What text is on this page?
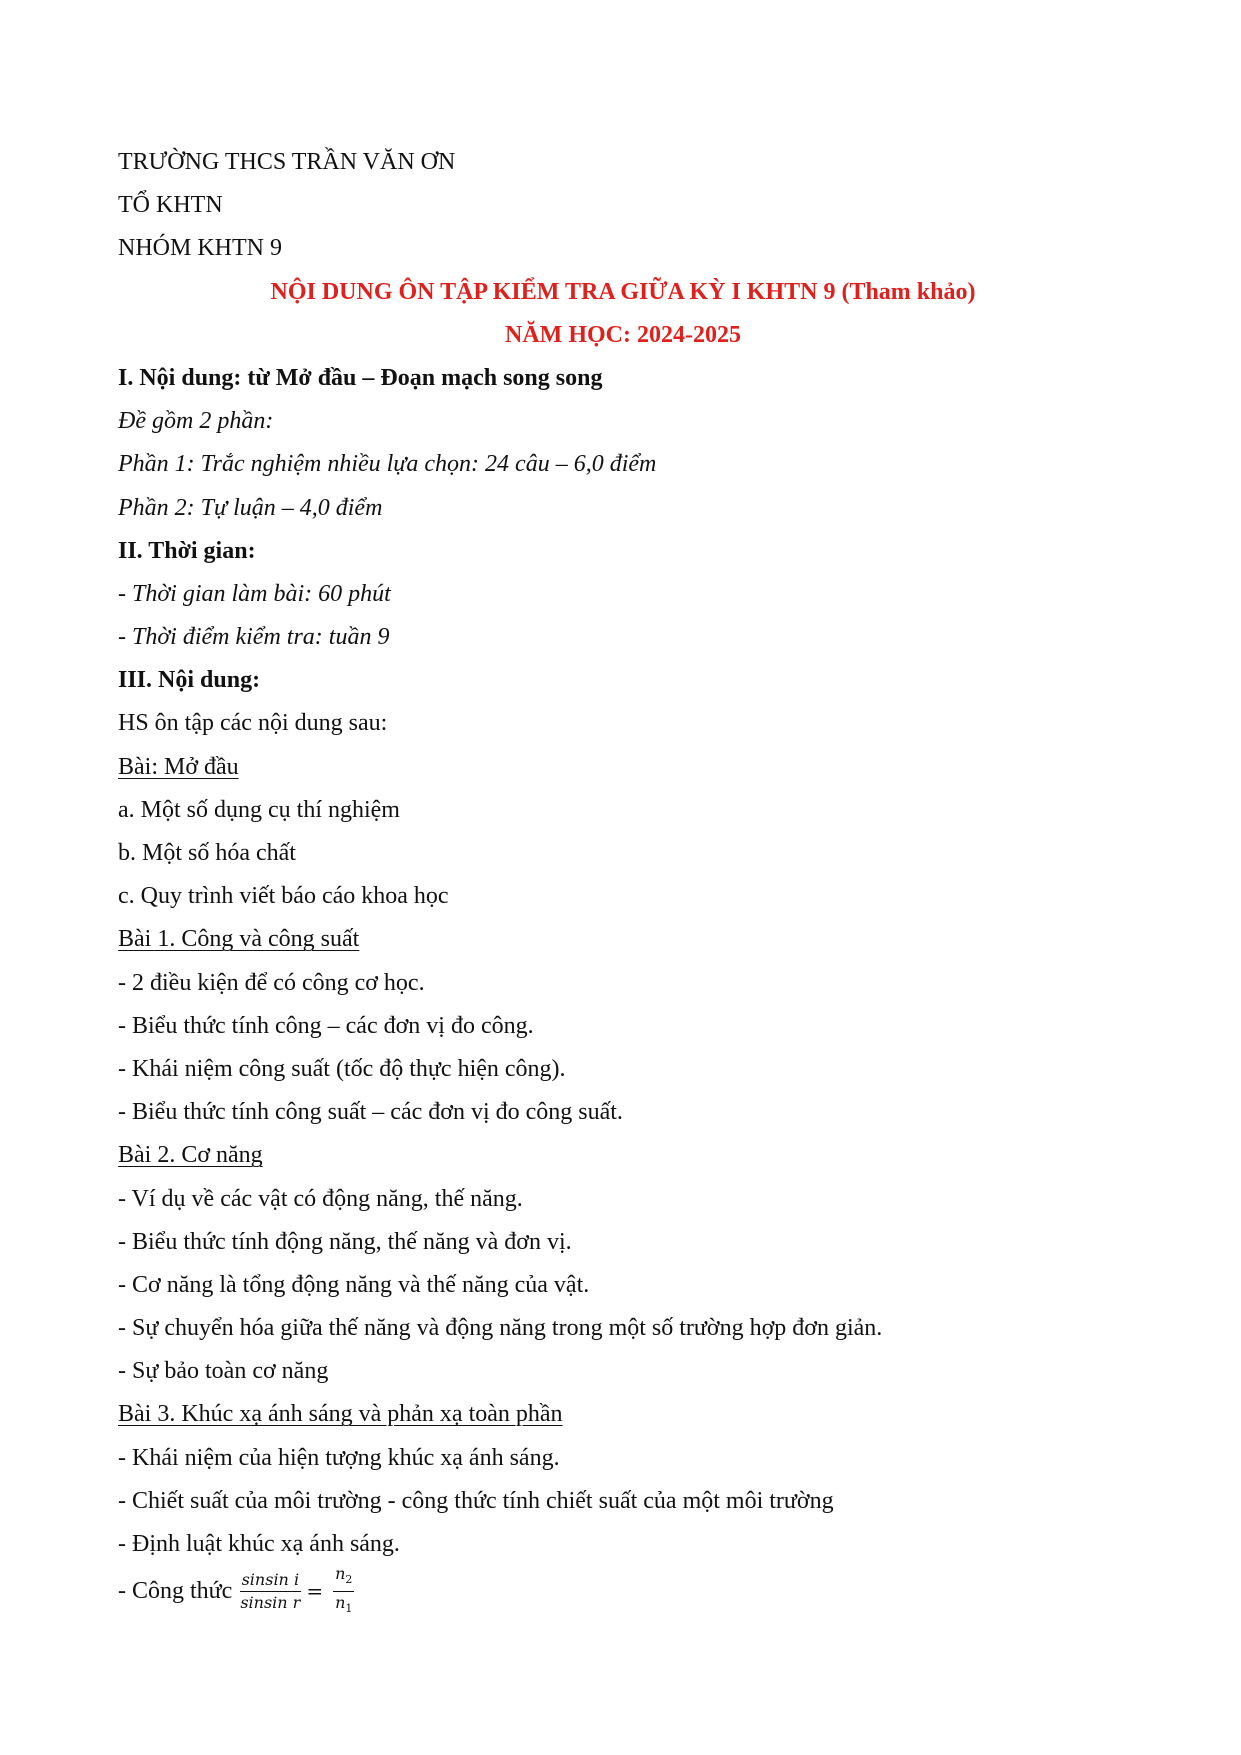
TRƯỜNG THCS TRẦN VĂN ƠN
TỔ KHTN
NHÓM KHTN 9
NỘI DUNG ÔN TẬP KIỂM TRA GIỮA KỲ I KHTN 9 (Tham khảo)
NĂM HỌC: 2024-2025
I. Nội dung: từ Mở đầu – Đoạn mạch song song
Đề gồm 2 phần:
Phần 1: Trắc nghiệm nhiều lựa chọn: 24 câu – 6,0 điểm
Phần 2: Tự luận – 4,0 điểm
II. Thời gian:
- Thời gian làm bài: 60 phút
- Thời điểm kiểm tra: tuần 9
III. Nội dung:
HS ôn tập các nội dung sau:
Bài: Mở đầu
a. Một số dụng cụ thí nghiệm
b. Một số hóa chất
c. Quy trình viết báo cáo khoa học
Bài 1. Công và công suất
- 2 điều kiện để có công cơ học.
- Biểu thức tính công – các đơn vị đo công.
- Khái niệm công suất (tốc độ thực hiện công).
- Biểu thức tính công suất – các đơn vị đo công suất.
Bài 2. Cơ năng
- Ví dụ về các vật có động năng, thế năng.
- Biểu thức tính động năng, thế năng và đơn vị.
- Cơ năng là tổng động năng và thế năng của vật.
- Sự chuyển hóa giữa thế năng và động năng trong một số trường hợp đơn giản.
- Sự bảo toàn cơ năng
Bài 3. Khúc xạ ánh sáng và phản xạ toàn phần
- Khái niệm của hiện tượng khúc xạ ánh sáng.
- Chiết suất của môi trường - công thức tính chiết suất của một môi trường
- Định luật khúc xạ ánh sáng.
- Công thức $\frac{\text{sinsin i}}{\text{sinsin r}} = \frac{n_2}{n_1}$
